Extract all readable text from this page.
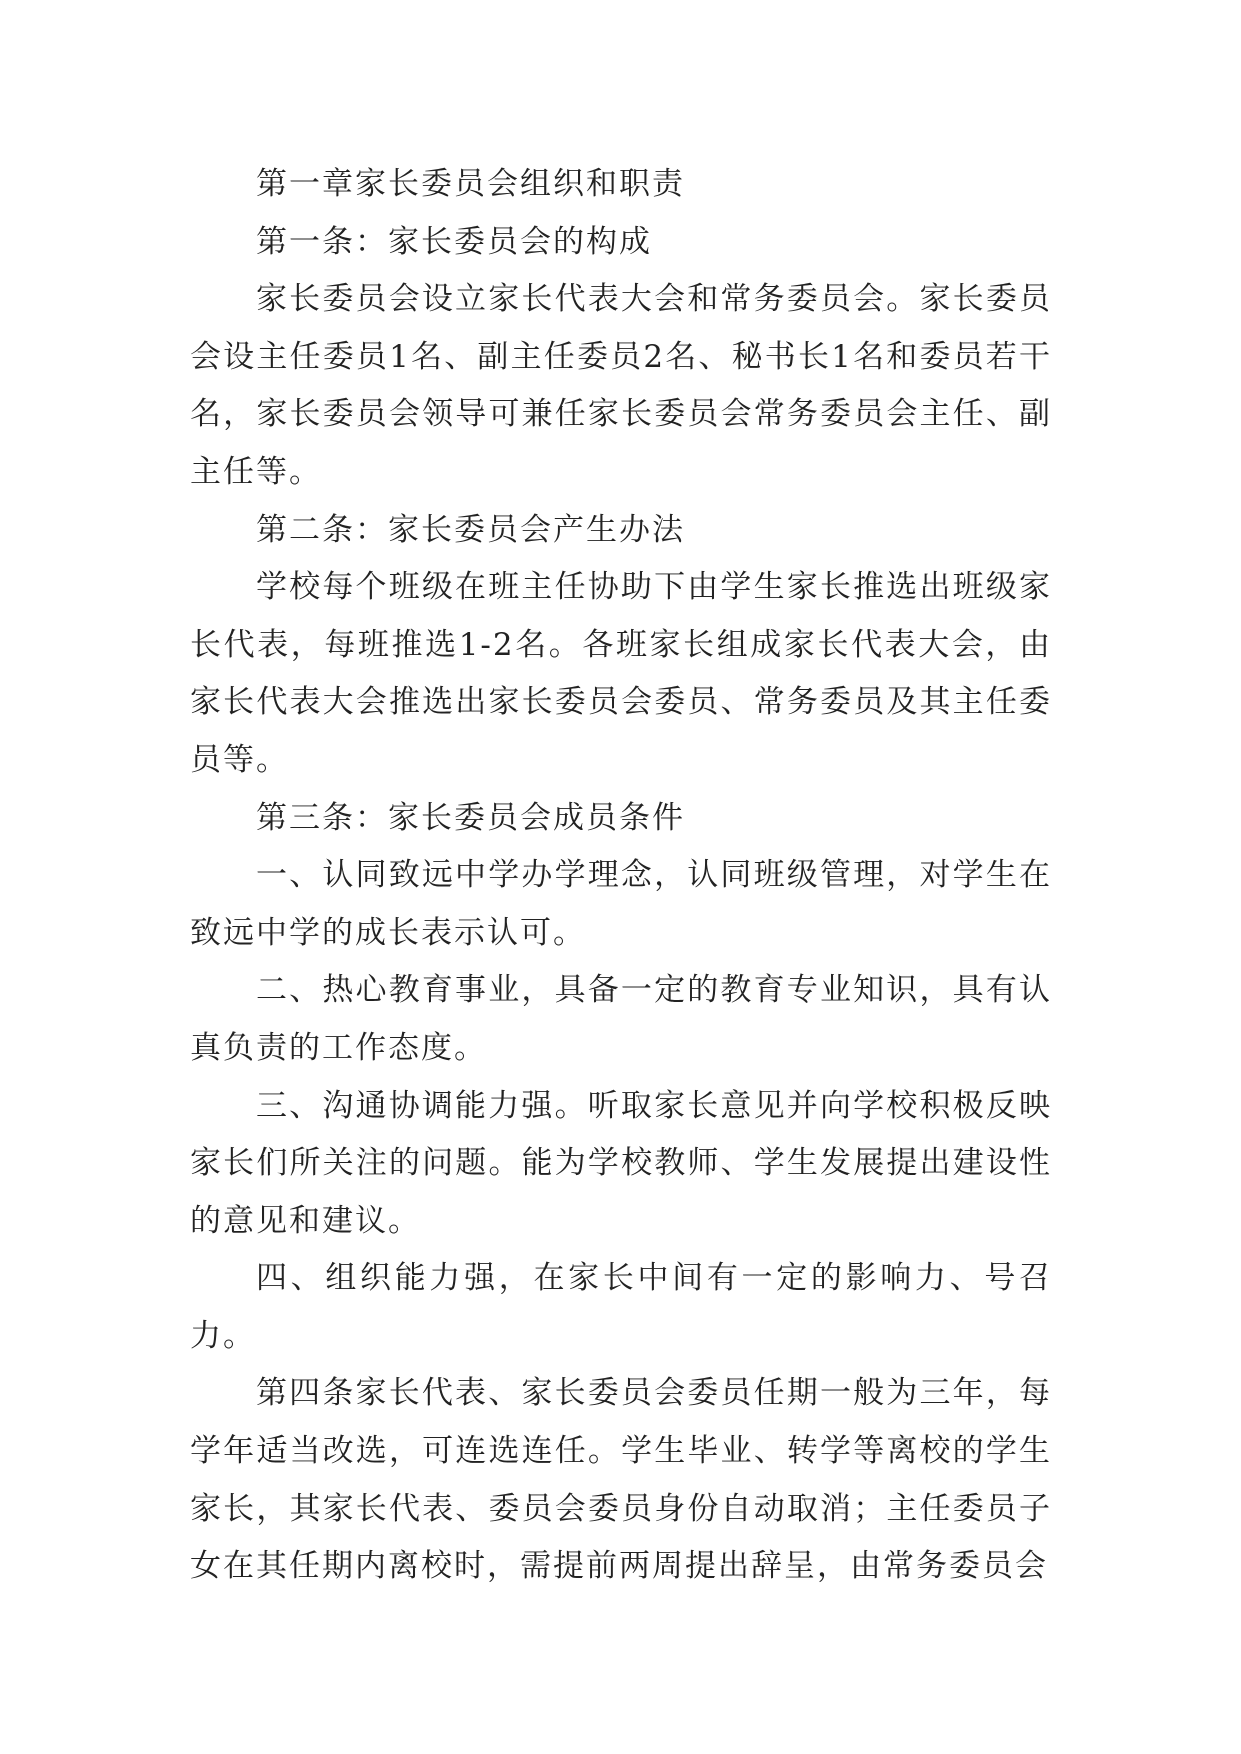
第一章家长委员会组织和职责

第一条：家长委员会的构成

家长委员会设立家长代表大会和常务委员会。家长委员会设主任委员1名、副主任委员2名、秘书长1名和委员若干名，家长委员会领导可兼任家长委员会常务委员会主任、副主任等。

第二条：家长委员会产生办法

学校每个班级在班主任协助下由学生家长推选出班级家长代表，每班推选1-2名。各班家长组成家长代表大会，由家长代表大会推选出家长委员会委员、常务委员及其主任委员等。

第三条：家长委员会成员条件

一、认同致远中学办学理念，认同班级管理，对学生在致远中学的成长表示认可。

二、热心教育事业，具备一定的教育专业知识，具有认真负责的工作态度。

三、沟通协调能力强。听取家长意见并向学校积极反映家长们所关注的问题。能为学校教师、学生发展提出建设性的意见和建议。

四、组织能力强，在家长中间有一定的影响力、号召力。

第四条家长代表、家长委员会委员任期一般为三年，每学年适当改选，可连选连任。学生毕业、转学等离校的学生家长，其家长代表、委员会委员身份自动取消；主任委员子女在其任期内离校时，需提前两周提出辞呈，由常务委员会
